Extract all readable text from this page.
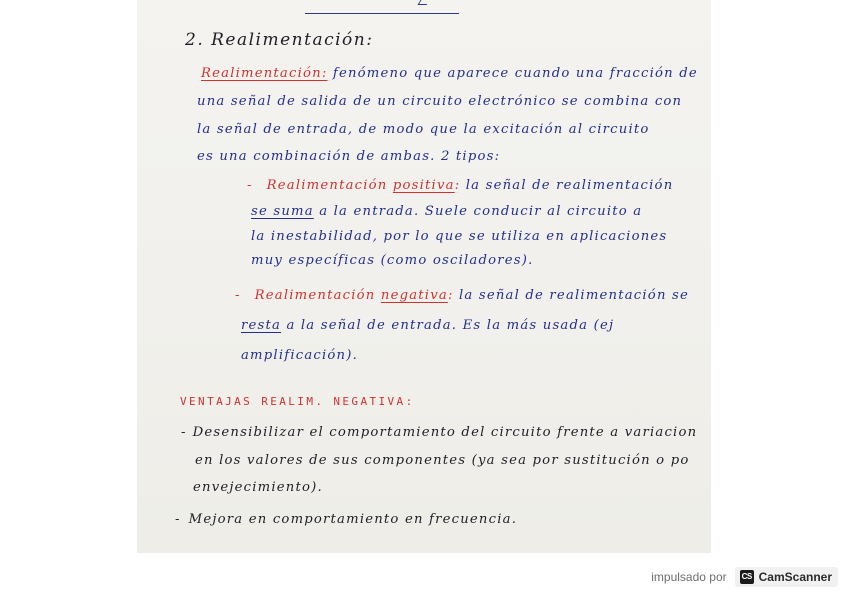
2. Realimentación:
Realimentación: fenómeno que aparece cuando una fracción de
una señal de salida de un circuito electrónico se combina con
la señal de entrada, de modo que la excitación al circuito
es una combinación de ambas. 2 tipos:
- Realimentación positiva: la señal de realimentación
se suma a la entrada. Suele conducir al circuito a
la inestabilidad, por lo que se utiliza en aplicaciones
muy específicas (como osciladores).
- Realimentación negativa: la señal de realimentación se
resta a la señal de entrada. Es la más usada (ej
amplificación).
VENTAJAS REALIM. NEGATIVA:
- Desensibilizar el comportamiento del circuito frente a variacion
en los valores de sus componentes (ya sea por sustitución o po
envejecimiento).
- Mejora en comportamiento en frecuencia.
impulsado por CS CamScanner
